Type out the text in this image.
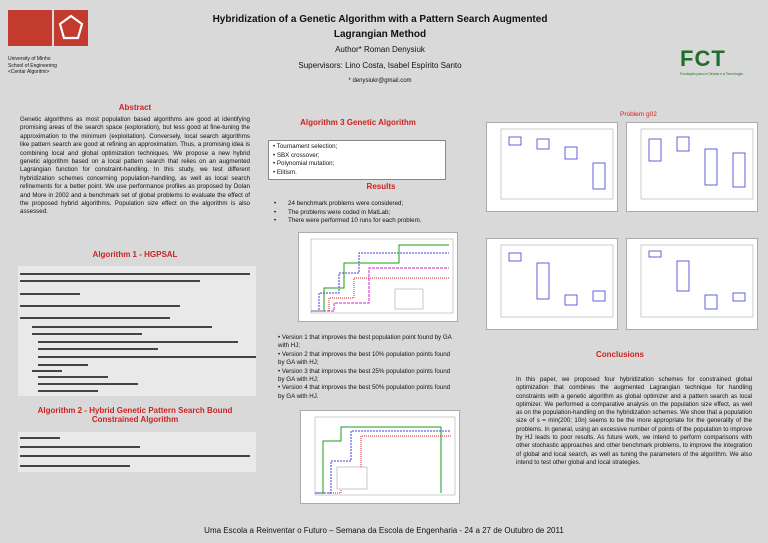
University of Minho
School of Engineering
<Centar Algoritmi>
Hybridization of a Genetic Algorithm with a Pattern Search Augmented
Lagrangian Method
Author* Roman Denysiuk
Supervisors: Lino Costa, Isabel Espírito Santo
* denysiukr@gmail.com
FCT
Fundação para a Ciência e a Tecnologia
Abstract
Genetic algorithms as most population based algorithms are good at identifying promising areas of the search space (exploration), but less good at fine-tuning the approximation to the minimum (exploitation). Conversely, local search algorithms like pattern search are good at refining an approximation. Thus, a promising idea is combining local and global optimization techniques. We propose a new hybrid genetic algorithm based on a local pattern search that relies on an augmented Lagrangian function for constraint-handling. In this study, we test different hybridization schemes concerning population-handling, as well as local search refinements for a better point. We use performance profiles as proposed by Dolan and More in 2002 and a benchmark set of global problems to evaluate the effect of the proposed hybrid algorithms. Population size effect on the algorithm is also assessed.
Algorithm 1 - HGPSAL
Algorithm 2 - Hybrid Genetic Pattern Search Bound
Constrained Algorithm
Algorithm 3 Genetic Algorithm
• Tournament selection;
• SBX crossover;
• Polynomial mutation;
• Elitism.
Results
• 24 benchmark problems were considered;
• The problems were coded in MatLab;
• There were performed 10 runs for each problem.
• Version 1 that improves the best population point found by GA with HJ;
• Version 2 that improves the best 10% population points found by GA with HJ;
• Version 3 that improves the best 25% population points found by GA with HJ;
• Version 4 that improves the best 50% population points found by GA with HJ.
Problem g02
Conclusions
In this paper, we proposed four hybridization schemes for constrained global optimization that combines the augmented Lagrangian technique for handling constraints with a genetic algorithm as global optimizer and a pattern search as local optimizer. We performed a comparative analysis on the population size effect, as well as on the population-handling on the hybridization schemes. We show that a population size of s = min(200; 10n) seems to be the more appropriate for the generality of the problems. In general, using an excessive number of points of the population to improve by HJ leads to poor results. As future work, we intend to perform comparisons with other stochastic approaches and other benchmark problems, to improve the integration of global and local search, as well as tuning the parameters of the algorithm. We also intend to test other global and local strategies.
Uma Escola a Reinventar o Futuro – Semana da Escola de Engenharia - 24 a 27 de Outubro de 2011
